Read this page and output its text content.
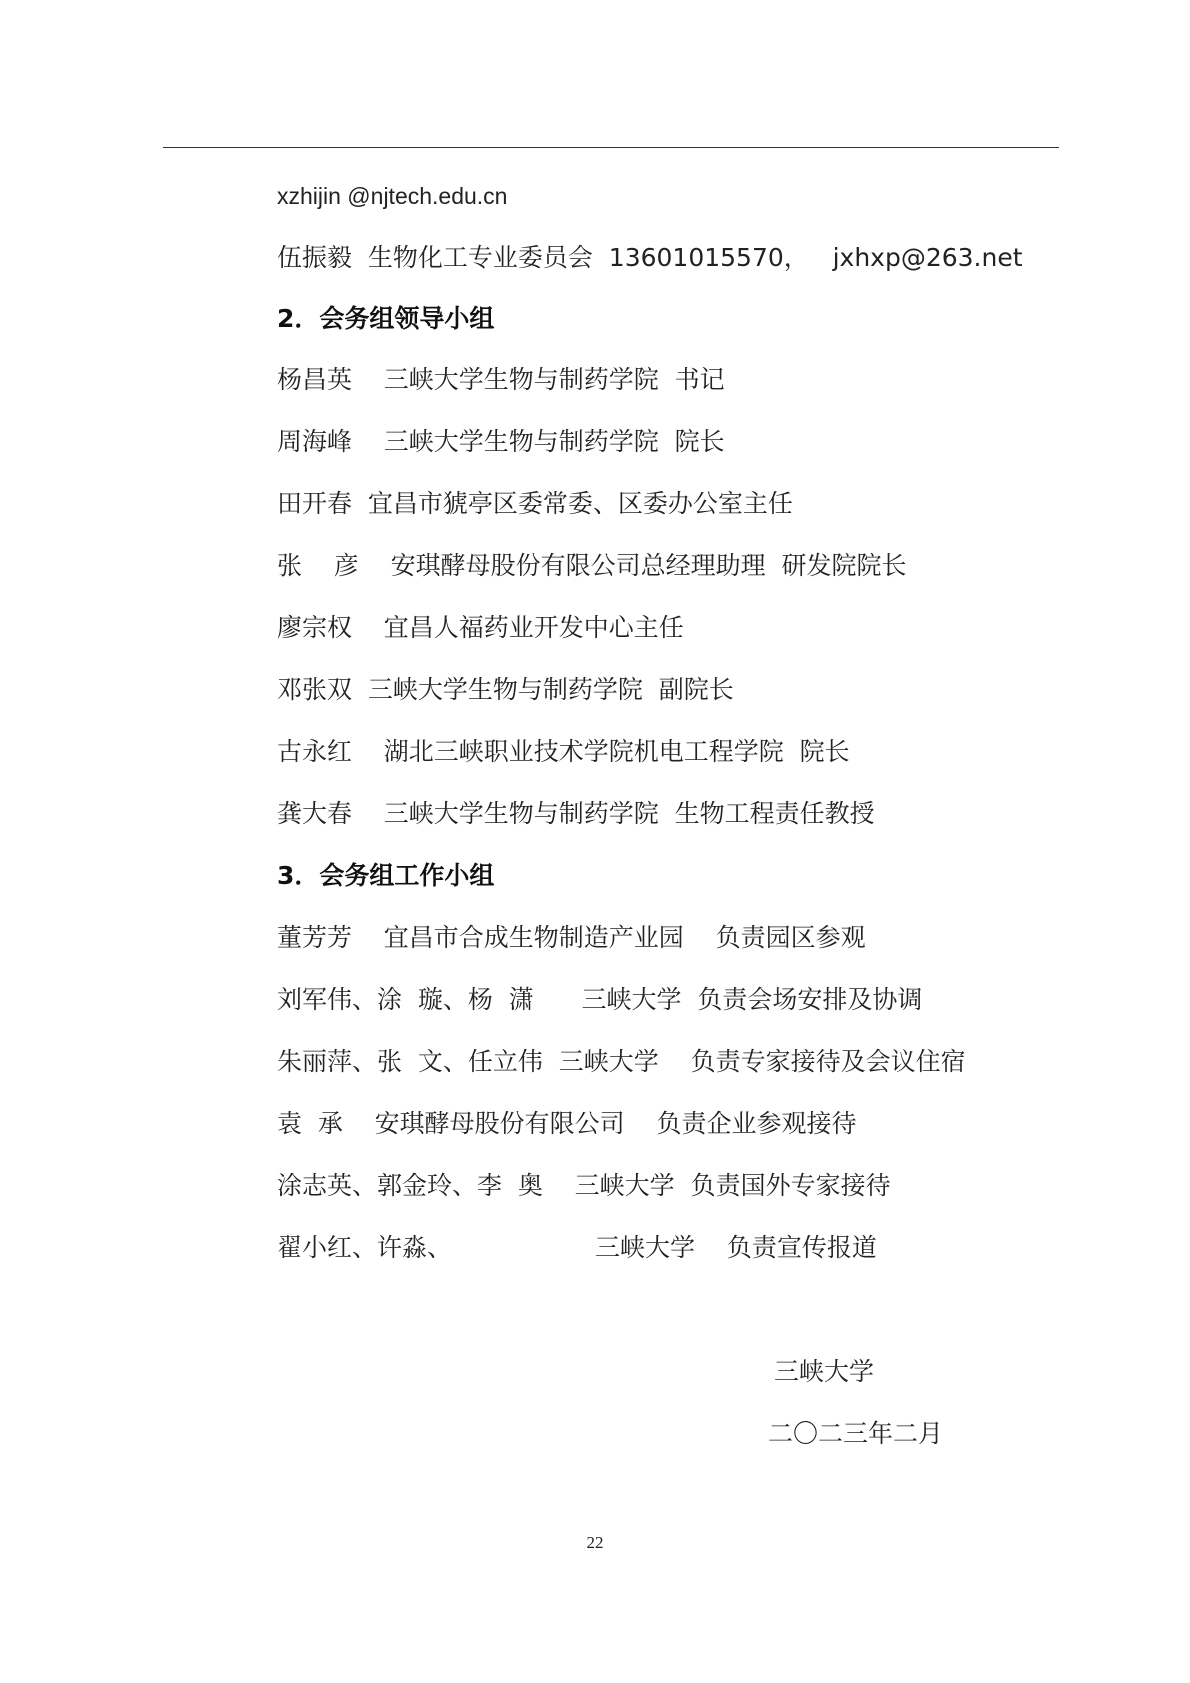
xzhijin @njtech.edu.cn
伍振毅  生物化工专业委员会  13601015570，   jxhxp@263.net
2．会务组领导小组
杨昌英    三峡大学生物与制药学院  书记
周海峰    三峡大学生物与制药学院  院长
田开春  宜昌市猇亭区委常委、区委办公室主任
张    彦    安琪酵母股份有限公司总经理助理  研发院院长
廖宗权    宜昌人福药业开发中心主任
邓张双  三峡大学生物与制药学院  副院长
古永红    湖北三峡职业技术学院机电工程学院  院长
龚大春    三峡大学生物与制药学院  生物工程责任教授
3．会务组工作小组
董芳芳    宜昌市合成生物制造产业园    负责园区参观
刘军伟、涂  璇、杨  潇      三峡大学  负责会场安排及协调
朱丽萍、张  文、任立伟  三峡大学    负责专家接待及会议住宿
袁  承    安琪酵母股份有限公司    负责企业参观接待
涂志英、郭金玲、李  奥    三峡大学  负责国外专家接待
翟小红、许淼、                  三峡大学    负责宣传报道
三峡大学
二〇二三年二月
22
